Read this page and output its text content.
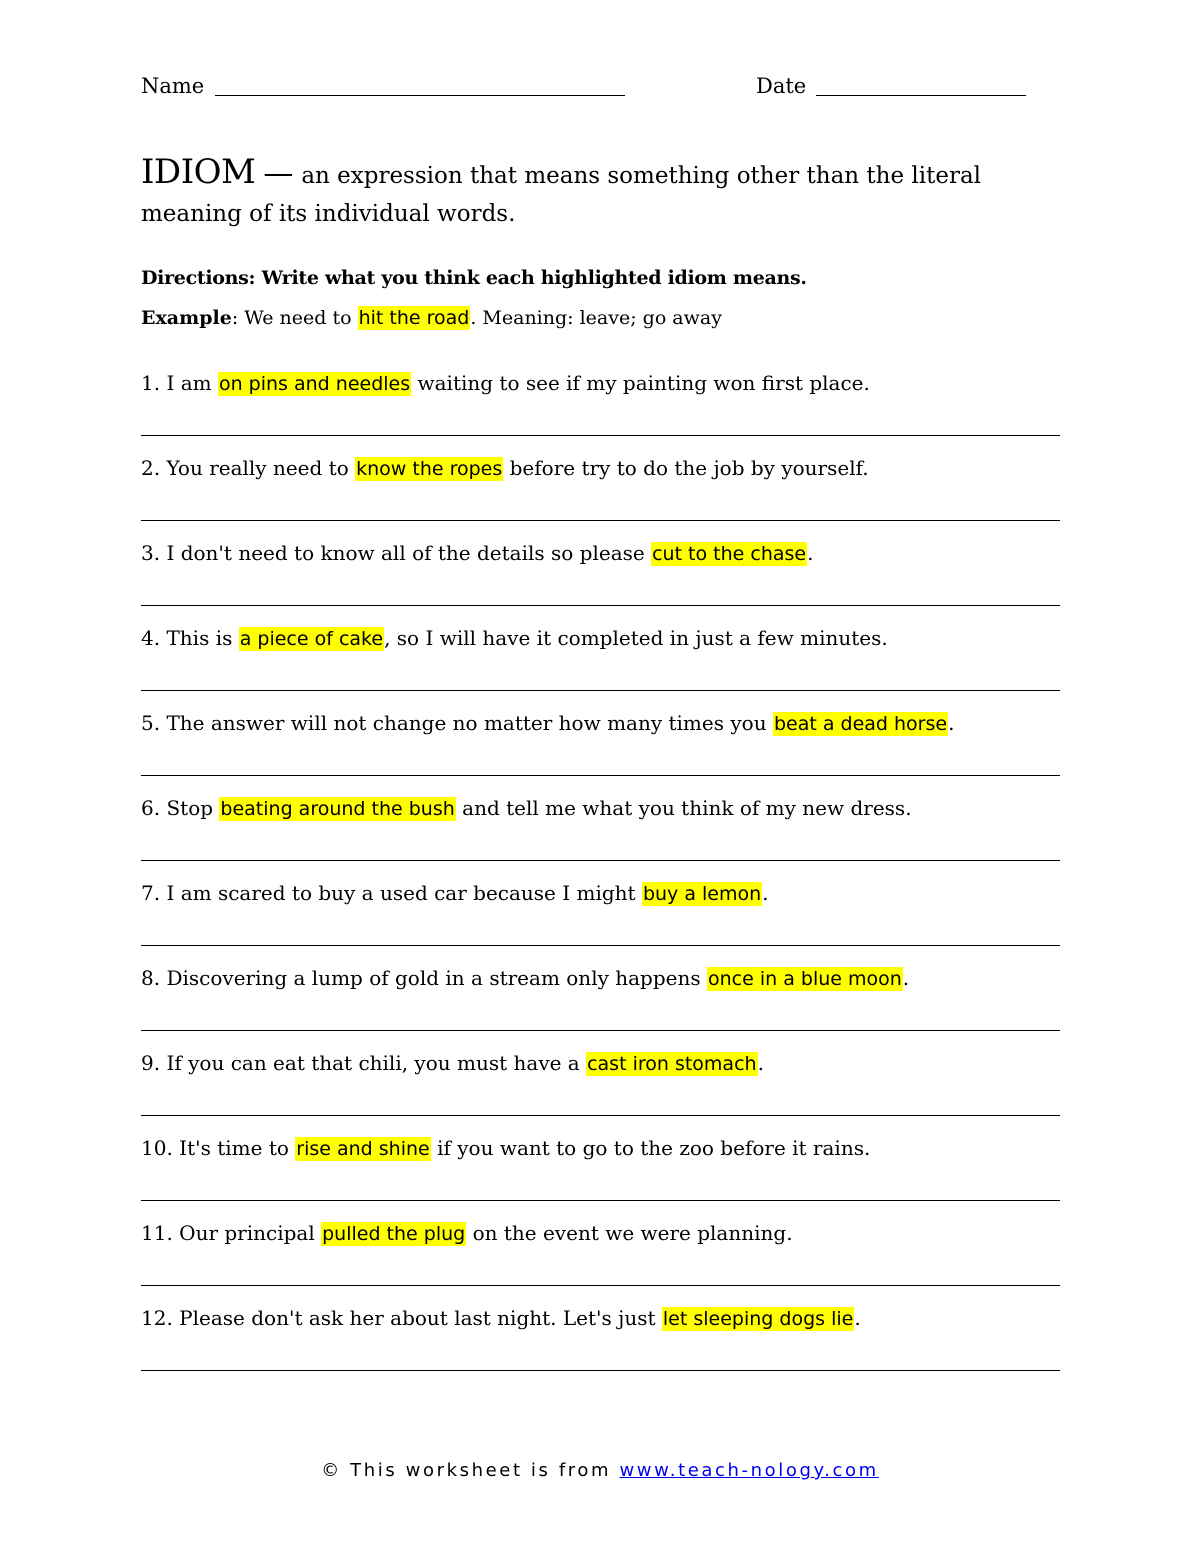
Name	Date
IDIOM — an expression that means something other than the literal
meaning of its individual words.
Directions: Write what you think each highlighted idiom means.
Example: We need to hit the road. Meaning: leave; go away
1. I am on pins and needles waiting to see if my painting won first place.
2. You really need to know the ropes before try to do the job by yourself.
3. I don't need to know all of the details so please cut to the chase.
4. This is a piece of cake, so I will have it completed in just a few minutes.
5. The answer will not change no matter how many times you beat a dead horse.
6. Stop beating around the bush and tell me what you think of my new dress.
7. I am scared to buy a used car because I might buy a lemon.
8. Discovering a lump of gold in a stream only happens once in a blue moon.
9. If you can eat that chili, you must have a cast iron stomach.
10. It's time to rise and shine if you want to go to the zoo before it rains.
11. Our principal pulled the plug on the event we were planning.
12. Please don't ask her about last night. Let's just let sleeping dogs lie.
© This worksheet is from www.teach-nology.com
